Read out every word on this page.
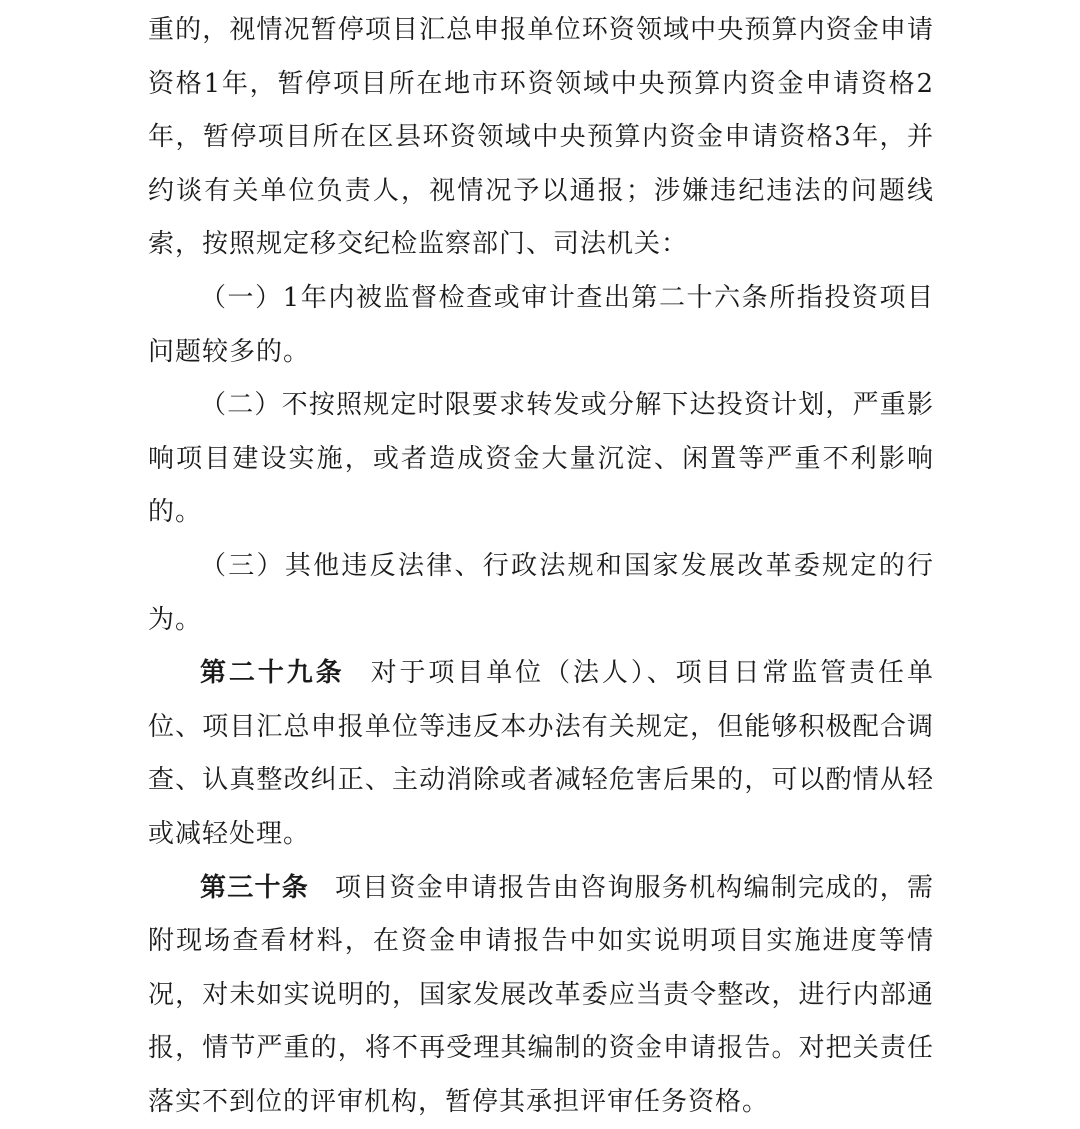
重的，视情况暂停项目汇总申报单位环资领域中央预算内资金申请资格1年，暂停项目所在地市环资领域中央预算内资金申请资格2年，暂停项目所在区县环资领域中央预算内资金申请资格3年，并约谈有关单位负责人，视情况予以通报；涉嫌违纪违法的问题线索，按照规定移交纪检监察部门、司法机关：

（一）1年内被监督检查或审计查出第二十六条所指投资项目问题较多的。

（二）不按照规定时限要求转发或分解下达投资计划，严重影响项目建设实施，或者造成资金大量沉淀、闲置等严重不利影响的。

（三）其他违反法律、行政法规和国家发展改革委规定的行为。

第二十九条 对于项目单位（法人）、项目日常监管责任单位、项目汇总申报单位等违反本办法有关规定，但能够积极配合调查、认真整改纠正、主动消除或者减轻危害后果的，可以酌情从轻或减轻处理。

第三十条 项目资金申请报告由咨询服务机构编制完成的，需附现场查看材料，在资金申请报告中如实说明项目实施进度等情况，对未如实说明的，国家发展改革委应当责令整改，进行内部通报，情节严重的，将不再受理其编制的资金申请报告。对把关责任落实不到位的评审机构，暂停其承担评审任务资格。
